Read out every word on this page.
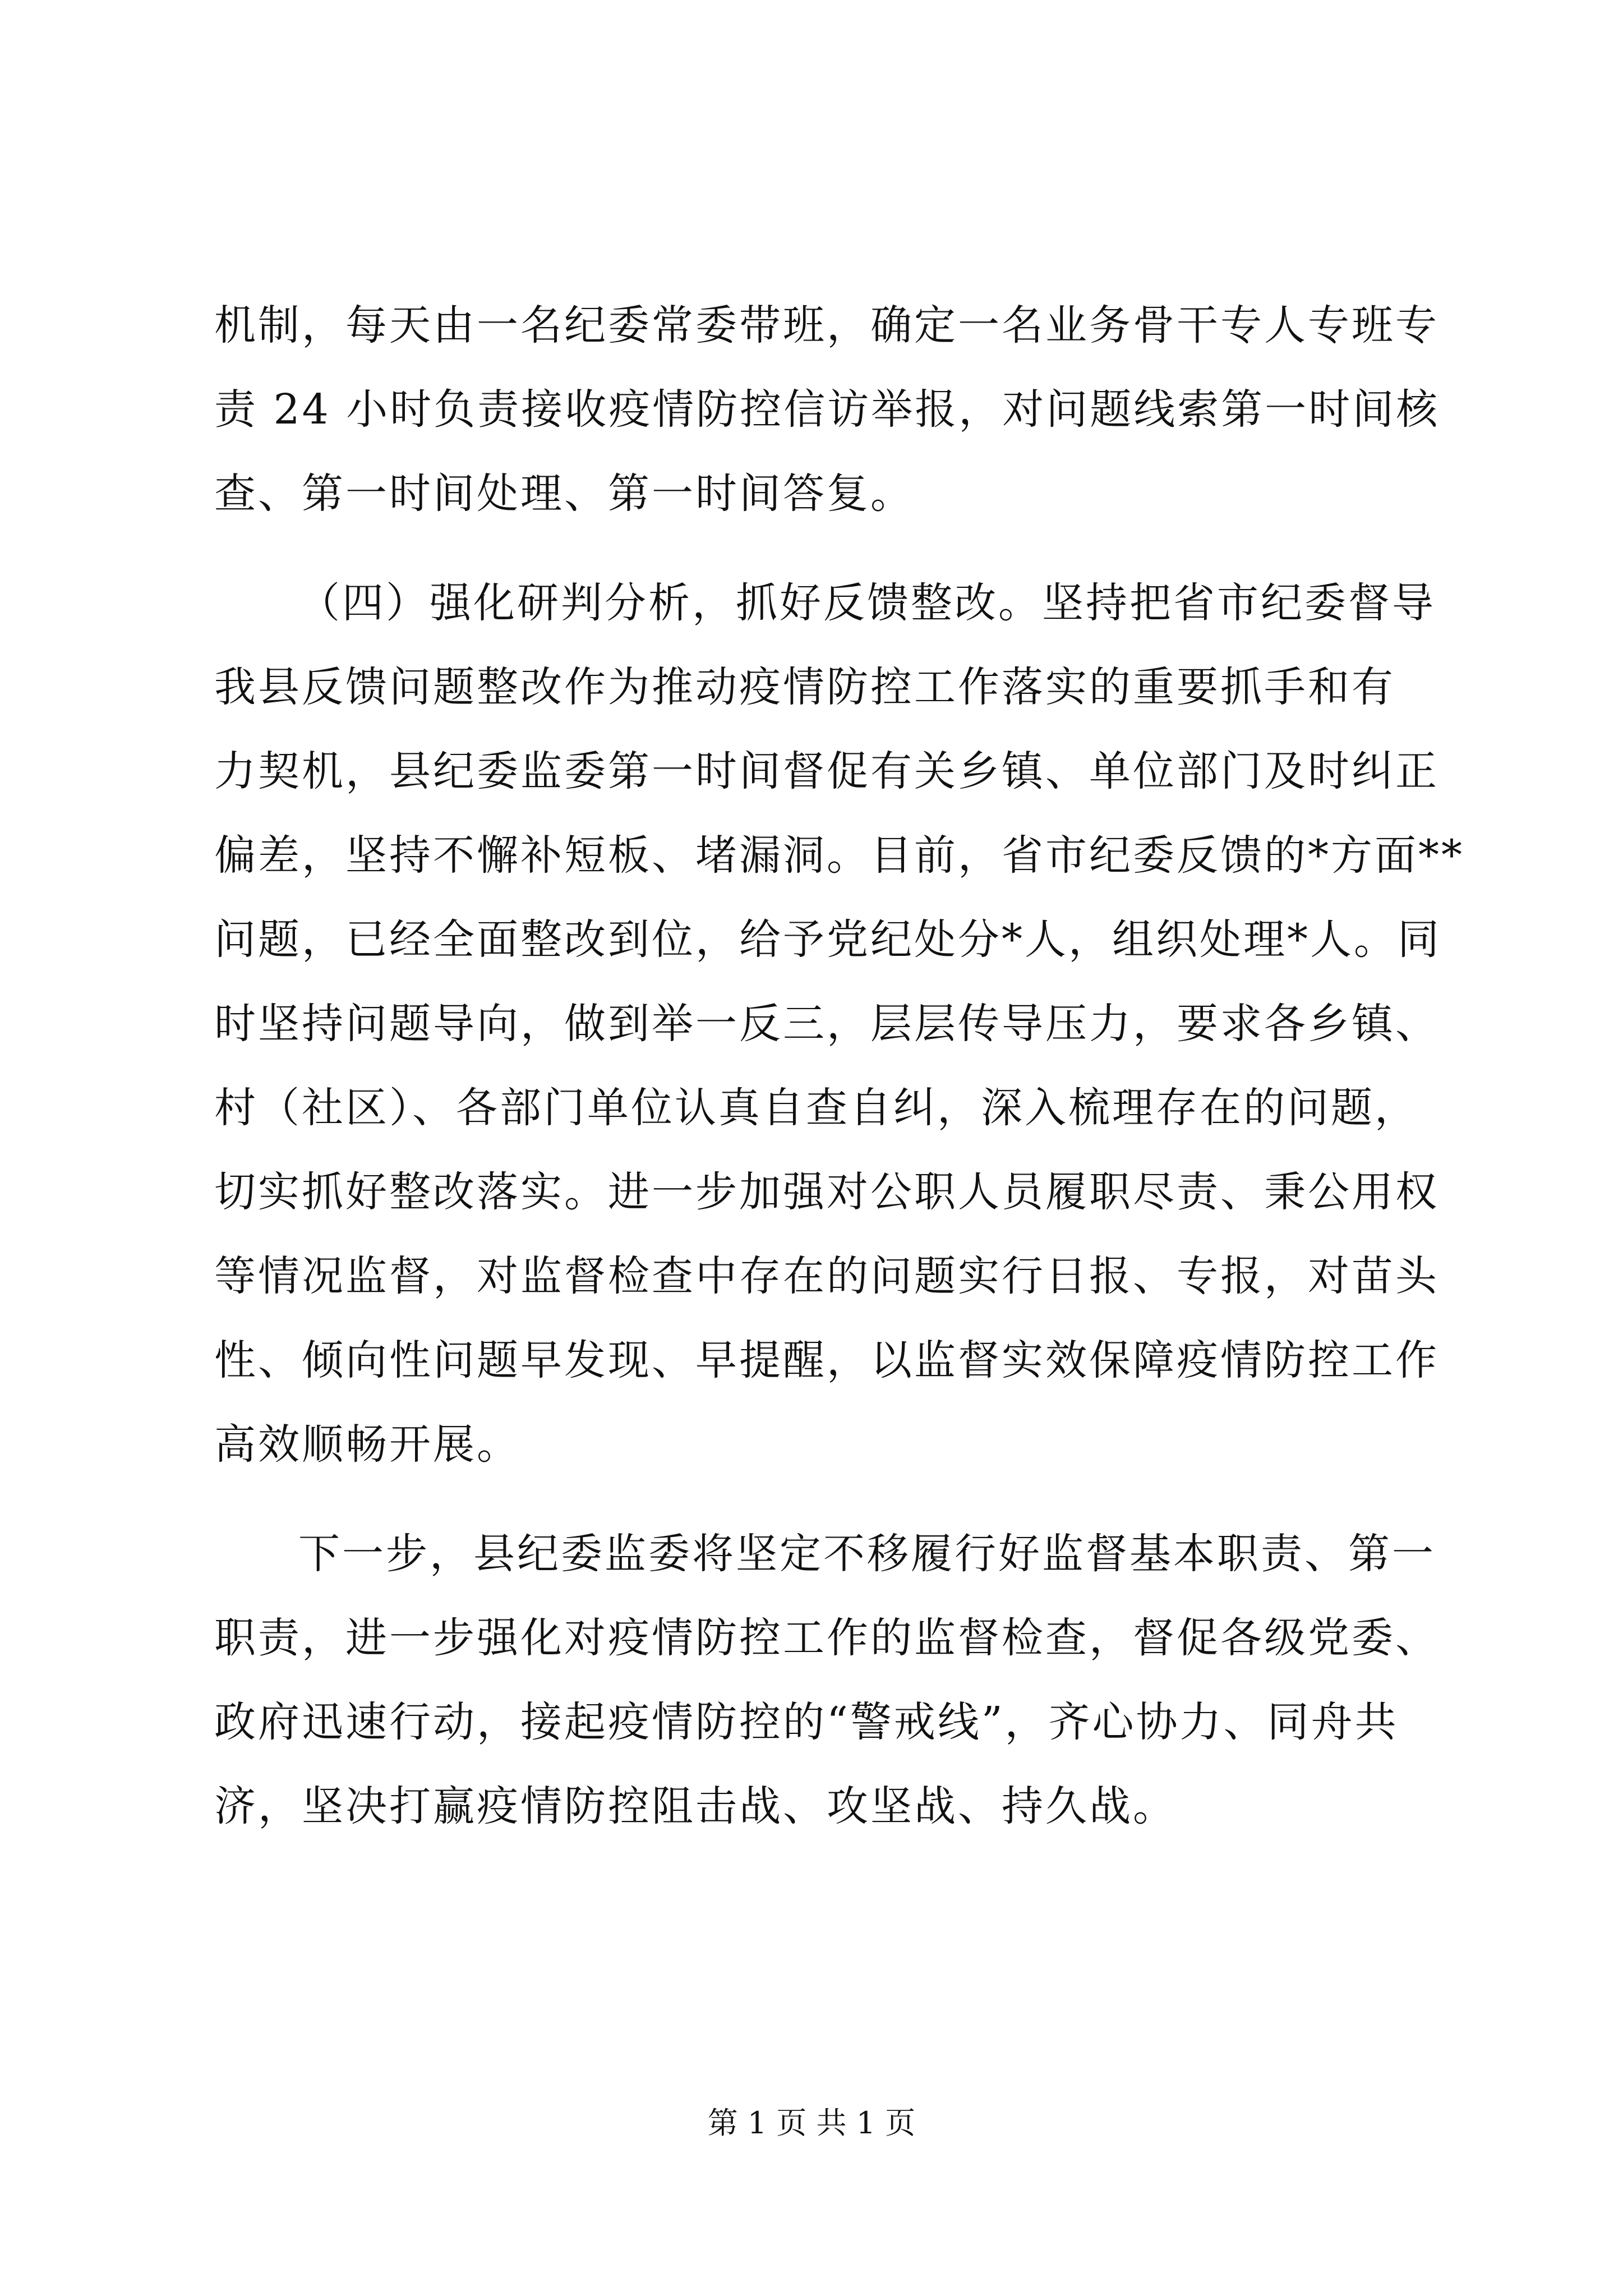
机制，每天由一名纪委常委带班，确定一名业务骨干专人专班专
责 24 小时负责接收疫情防控信访举报，对问题线索第一时间核
查、第一时间处理、第一时间答复。
（四）强化研判分析，抓好反馈整改。坚持把省市纪委督导
我县反馈问题整改作为推动疫情防控工作落实的重要抓手和有
力契机，县纪委监委第一时间督促有关乡镇、单位部门及时纠正
偏差，坚持不懈补短板、堵漏洞。目前，省市纪委反馈的*方面**
问题，已经全面整改到位，给予党纪处分*人，组织处理*人。同
时坚持问题导向，做到举一反三，层层传导压力，要求各乡镇、
村（社区）、各部门单位认真自查自纠，深入梳理存在的问题，
切实抓好整改落实。进一步加强对公职人员履职尽责、秉公用权
等情况监督，对监督检查中存在的问题实行日报、专报，对苗头
性、倾向性问题早发现、早提醒，以监督实效保障疫情防控工作
高效顺畅开展。
下一步，县纪委监委将坚定不移履行好监督基本职责、第一
职责，进一步强化对疫情防控工作的监督检查，督促各级党委、
政府迅速行动，接起疫情防控的“警戒线”，齐心协力、同舟共
济，坚决打赢疫情防控阻击战、攻坚战、持久战。
第 1 页 共 1 页
